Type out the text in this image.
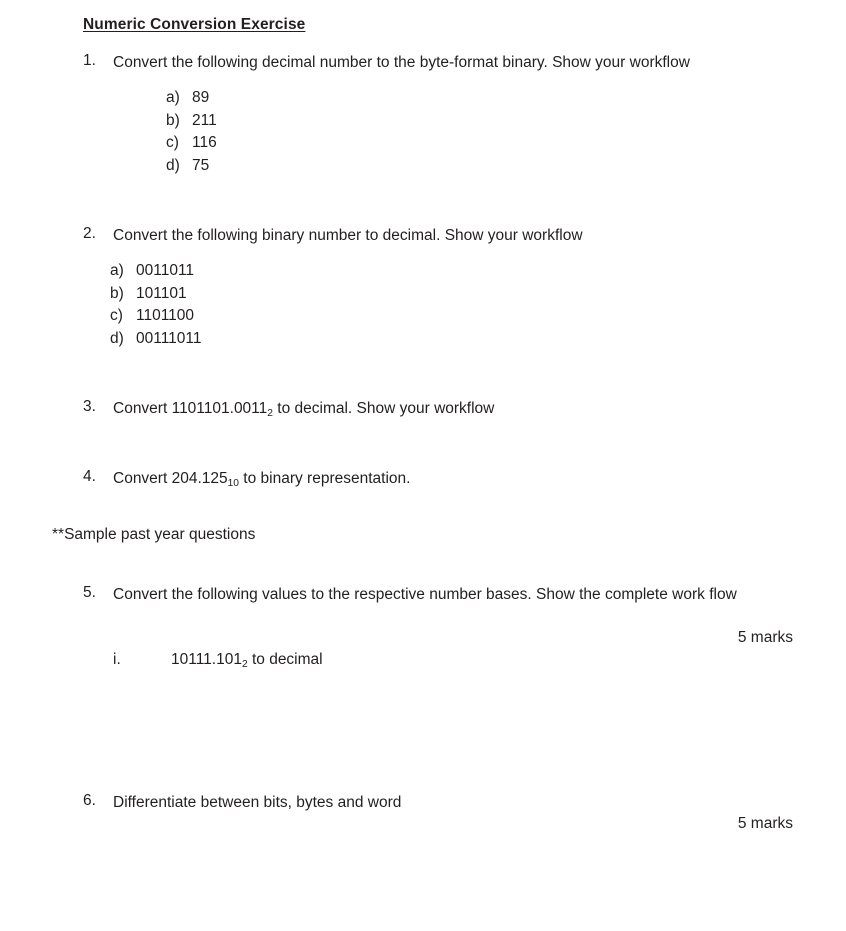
Numeric Conversion Exercise
1.	Convert the following decimal number to the byte-format binary. Show your workflow
a) 89
b) 211
c) 116
d) 75
2.	Convert the following binary number to decimal. Show your workflow
a) 0011011
b) 101101
c) 1101100
d) 00111011
3.	Convert $1101101.0011_2$ to decimal. Show your workflow
4.	Convert $204.125_{10}$ to binary representation.
**Sample past year questions
5.	Convert the following values to the respective number bases. Show the complete work flow
5 marks
i.	$10111.101_2$ to decimal
6.	Differentiate between bits, bytes and word
5 marks
